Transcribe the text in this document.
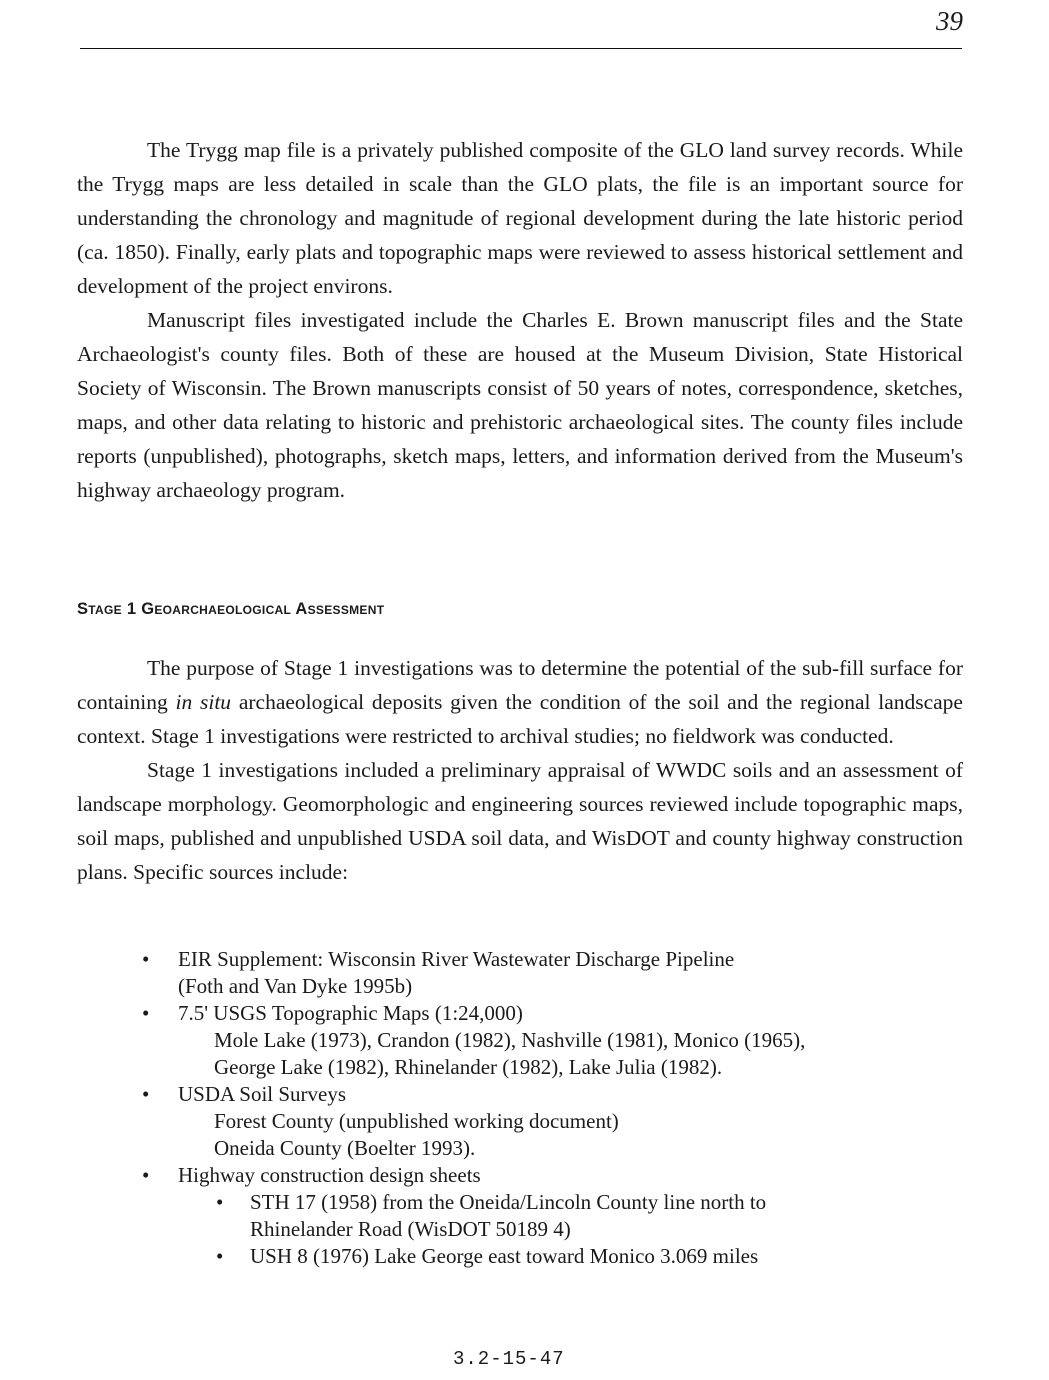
39

The Trygg map file is a privately published composite of the GLO land survey records. While the Trygg maps are less detailed in scale than the GLO plats, the file is an important source for understanding the chronology and magnitude of regional development during the late historic period (ca. 1850). Finally, early plats and topographic maps were reviewed to assess historical settlement and development of the project environs.

Manuscript files investigated include the Charles E. Brown manuscript files and the State Archaeologist's county files. Both of these are housed at the Museum Division, State Historical Society of Wisconsin. The Brown manuscripts consist of 50 years of notes, correspondence, sketches, maps, and other data relating to historic and prehistoric archaeological sites. The county files include reports (unpublished), photographs, sketch maps, letters, and information derived from the Museum's highway archaeology program.

Stage 1 Geoarchaeological Assessment

The purpose of Stage 1 investigations was to determine the potential of the sub-fill surface for containing in situ archaeological deposits given the condition of the soil and the regional landscape context. Stage 1 investigations were restricted to archival studies; no fieldwork was conducted.

Stage 1 investigations included a preliminary appraisal of WWDC soils and an assessment of landscape morphology. Geomorphologic and engineering sources reviewed include topographic maps, soil maps, published and unpublished USDA soil data, and WisDOT and county highway construction plans. Specific sources include:

• EIR Supplement: Wisconsin River Wastewater Discharge Pipeline
(Foth and Van Dyke 1995b)
• 7.5' USGS Topographic Maps (1:24,000)
Mole Lake (1973), Crandon (1982), Nashville (1981), Monico (1965),
George Lake (1982), Rhinelander (1982), Lake Julia (1982).
• USDA Soil Surveys
Forest County (unpublished working document)
Oneida County (Boelter 1993).
• Highway construction design sheets
• STH 17 (1958) from the Oneida/Lincoln County line north to
Rhinelander Road (WisDOT 50189 4)
• USH 8 (1976) Lake George east toward Monico 3.069 miles
3.2-15-47
